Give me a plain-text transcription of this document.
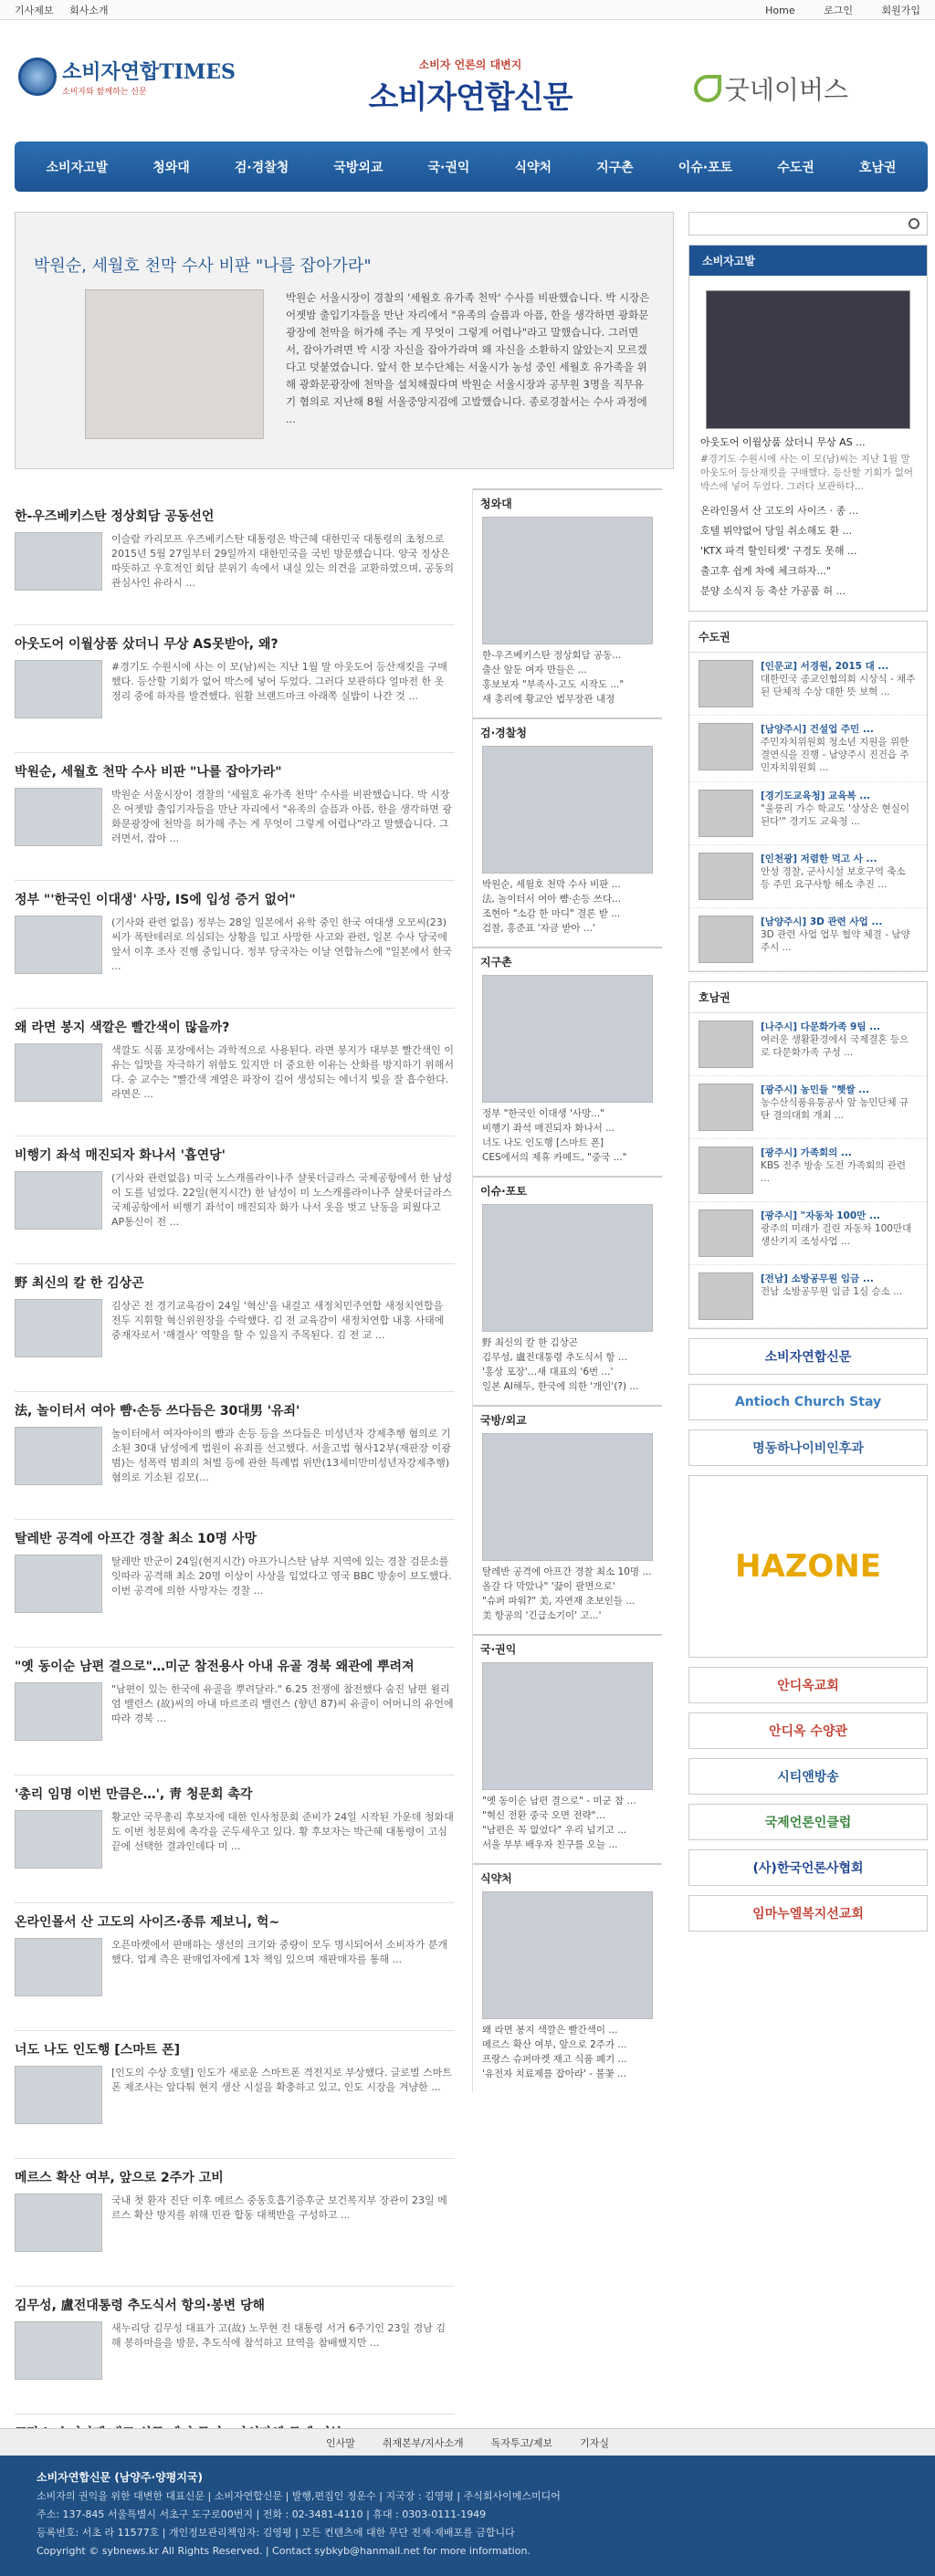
기사제보 회사소개	Home	로그인	회원가입
소비자연합TIMES
소비자와 함께하는 신문
소비자 언론의 대변지
소비자연합신문	굿네이버스
소비자고발	청와대	검·경찰청	국방외교	국·권익	식약처	지구촌	이슈·포토	수도권	호남권
박원순, 세월호 천막 수사 비판 "나를 잡아가라"
박원순 서울시장이 경찰의 '세월호 유가족 천막' 수사를 비판했습니다. 박 시장은 어젯밤 출입기자들을 만난 자리에서 "유족의 슬픔과 아픔, 한을 생각하면 광화문광장에 천막을 허가해 주는 게 무엇이 그렇게 어렵나"라고 말했습니다. 그러면서, 잡아가려면 박 시장 자신을 잡아가라며 왜 자신을 소환하지 않았는지 모르겠다고 덧붙였습니다. 앞서 한 보수단체는 서울시가 농성 중인 세월호 유가족을 위해 광화문광장에 천막을 설치해줬다며 박원순 서울시장과 공무원 3명을 직무유기 혐의로 지난해 8월 서울중앙지검에 고발했습니다. 종로경찰서는 수사 과정에 ...
한-우즈베키스탄 정상회담 공동선언

이슬람 카리모프 우즈베키스탄 대통령은 박근혜 대한민국 대통령의 초청으로 2015년 5월 27일부터 29일까지 대한민국을 국빈 방문했습니다. 양국 정상은 따뜻하고 우호적인 회담 분위기 속에서 내실 있는 의견을 교환하였으며, 공동의 관심사인 유라시 ...

아웃도어 이월상품 샀더니 무상 AS못받아, 왜?

#경기도 수원시에 사는 이 모(남)씨는 지난 1월 말 아웃도어 등산재킷을 구매했다. 등산할 기회가 없어 박스에 넣어 두었다. 그러다 보관하다 얼마전 한 옷 정리 중에 하자를 발견했다. 원활 브랜드마크 아래쪽 실밥이 나간 것 ...

박원순, 세월호 천막 수사 비판 "나를 잡아가라"

박원순 서울시장이 경찰의 '세월호 유가족 천막' 수사를 비판했습니다. 박 시장은 어젯밤 출입기자들을 만난 자리에서 "유족의 슬픔과 아픔, 한을 생각하면 광화문광장에 천막을 허가해 주는 게 무엇이 그렇게 어렵나"라고 말했습니다. 그러면서, 잡아 ...

정부 "'한국인 이대생' 사망, IS에 입성 증거 없어"

(기사와 관련 없음) 정부는 28일 일본에서 유학 중인 한국 여대생 오모씨(23)씨가 폭탄테러로 의심되는 상황을 입고 사망한 사고와 관련, 일본 수사 당국에 앞서 이후 조사 진행 중입니다. 정부 당국자는 이날 연합뉴스에 "일본에서 한국 ...

왜 라면 봉지 색깔은 빨간색이 많을까?

색깔도 식품 포장에서는 과학적으로 사용된다. 라면 봉지가 대부분 빨간색인 이유는 입맛을 자극하기 위함도 있지만 더 중요한 이유는 산화를 방지하기 위해서다. 숭 교수는 "빨간색 계열은 파장이 길어 생성되는 에너지 빛을 잘 흡수한다. 라면은 ...

비행기 좌석 매진되자 화나서 '흡연당'

(기사와 관련없음) 미국 노스캐롤라이나주 샬롯더글라스 국제공항에서 한 남성이 도를 넘었다. 22일(현지시간) 한 남성이 미 노스캐롤라이나주 샬롯더글라스 국제공항에서 비행기 좌석이 매진되자 화가 나서 옷을 벗고 난동을 피웠다고 AP통신이 전 ...

野 최신의 칼 한 김상곤

김상곤 전 경기교육감이 24일 '혁신'을 내걸고 새정치민주연합 새정치연합을 전두 지휘할 혁신위원장을 수락했다. 김 전 교육감이 새정치연합 내홍 사태에 중재자로서 '해결사' 역할을 할 수 있을지 주목된다. 김 전 교 ...

法, 놀이터서 여아 뺨·손등 쓰다듬은 30대男 '유죄'

놀이터에서 여자아이의 뺨과 손등 등을 쓰다듬은 미성년자 강제추행 혐의로 기소된 30대 남성에게 법원이 유죄를 선고했다. 서울고법 형사12부(재판장 이광범)는 성폭력 범죄의 처벌 등에 관한 특례법 위반(13세미만미성년자강제추행) 혐의로 기소된 김모(...

탈레반 공격에 아프간 경찰 최소 10명 사망

탈레반 반군이 24일(현지시간) 아프가니스탄 남부 지역에 있는 경찰 검문소를 잇따라 공격해 최소 20명 이상이 사상을 입었다고 영국 BBC 방송이 보도했다. 이번 공격에 의한 사망자는 경찰 ...

"옛 동이순 남편 결으로"…미군 참전용사 아내 유골 경북 왜관에 뿌려져

"남편이 있는 한국에 유골을 뿌려달라." 6.25 전쟁에 참전했다 숨진 남편 윌리엄 밸런스 (故)씨의 아내 마르조리 밸런스 (향년 87)씨 유골이 어머니의 유언에 따라 경북 ...

'총리 임명 이번 만큼은…', 靑 청문회 촉각

황교안 국무총리 후보자에 대한 인사청문회 준비가 24일 시작된 가운데 청와대도 이번 청문회에 촉각을 곤두세우고 있다. 황 후보자는 박근혜 대통령이 고심 끝에 선택한 결과인데다 미 ...

온라인몰서 산 고도의 사이즈·종류 제보니, 헉~

오픈마켓에서 판매하는 생선의 크기와 중량이 모두 명시되어서 소비자가 분개했다. 업계 측은 판매업자에게 1차 책임 있으며 재판매자를 통해 ...

너도 나도 인도행 [스마트 폰]

[인도의 수상 호텔] 인도가 새로운 스마트폰 격전지로 부상했다. 글로벌 스마트폰 제조사는 앞다퉈 현지 생산 시설을 확충하고 있고, 인도 시장을 겨냥한 ...

메르스 확산 여부, 앞으로 2주가 고비

국내 첫 환자 진단 이후 메르스 중동호흡기증후군 보건복지부 장관이 23일 메르스 확산 방지를 위해 민관 합동 대책반을 구성하고 ...

김무성, 盧전대통령 추도식서 항의·봉변 당해

새누리당 김무성 대표가 고(故) 노무현 전 대통령 서거 6주기인 23일 경남 김해 봉하마을을 방문, 추도식에 참석하고 묘역을 참배했지만 ...

청와대
한-우즈베키스탄 정상회담 공동...
출산 앞둔 여자 만들은 ...
홍보보자 "부족사-고도 시작도 ..."
새 총리에 황교안 법무장관 내정
검·경찰청
박원순, 세월호 천막 수사 비판 ...
法, 놀이터서 여아 뺨·손등 쓰다...
조현아 "소감 한 마디" 결론 받 ...
검찰, 홍준표 '자금 받아 ...'
지구촌
정부 "한국인 이대생 '사망..."
비행기 좌석 매진되자 화나서 ...
너도 나도 인도행 [스마트 폰]
CES에서의 제휴 카메드, "중국 ..."
이슈·포토
野 최신의 칼 한 김상곤
김무성, 盧전대통령 추도식서 항 ...
'홍상 포장'…새 대표의 '6번 ...'
일본 AI해두, 한국에 의한 '개인'(?) ...
국방/외교
탈레반 공격에 아프간 경찰 최소 10명 ...
올갈 다 막았나" '끓이 팔면으로'
"슈퍼 파워?" 美, 자연재 초보인들 ...
美 항공의 '긴급소기이' 고...'
국·권익
"옛 동이순 남편 결으로" - 미군 참 ...
"혁신 전환 중국 오면 전략"…
"남편은 꼭 없었다" 우리 넘기고 ...
서울 부부 배우자 친구를 오늘 ...
식약처
왜 라면 봉지 색깔은 빨간색이 ...
메르스 확산 여부, 앞으로 2주가 ...
프랑스 슈퍼마켓 재고 식품 폐기 ...
'유전자 치료제를 잡아라' - 불꽃 ...
소비자고발
아웃도어 이월상품 샀더니 무상 AS ...
#경기도 수원시에 사는 이 모(남)씨는 지난 1월 말 아웃도어 등산재킷을 구매했다. 등산할 기회가 없어 박스에 넣어 두었다. 그러다 보관하다...
온라인몰서 산 고도의 사이즈 · 종 ...
호텔 뷔약없어 당일 취소해도 환 ...
'KTX 파격 할인티켓' 구경도 못해 ...
출고후 쉽게 차에 체크하자..."
분양 소식지 등 축산 가공품 허 ...
수도권
[인문교] 서경원, 2015 대 ...
대한민국 종교인협의회 시상식 - 채주 된 단체적 수상 대한 뜻 보혁 ...
[남양주시] 건설업 주민 ...
주민자치위원회 청소년 지원을 위한 결연식을 진행 - 남양주시 진건읍 주민자치위원회 ...
[경기도교육청] 교육복 ...
"울릉리 가수 학교도 '상상은 현실이 된다'" 경기도 교육청 ...
[인천광] 저렴한 먹고 사 ...
안성 경찰, 군사시설 보호구역 축소 등 주민 요구사항 해소 추진 ...
[남양주시] 3D 관련 사업 ...
3D 관련 사업 업무 협약 체결 - 남양주시 ...
호남권
[나주시] 다문화가족 9팀 ...
여러운 생활환경에서 국제결혼 등으로 다문화가족 구성 ...
[광주시] 농민들 "햇쌀 ...
농수산식품유통공사 앞 농민단체 규탄 결의대회 개최 ...
[광주시] 가족회의 ...
KBS 전주 방송 도전 가족회의 관련 ...
[광주시] "자동차 100만 ...
광주의 미래가 걸린 자동차 100만대 생산기지 조성사업 ...
[전남] 소방공무원 임금 ...
전남 소방공무원 임금 1심 승소 ...
소비자연합신문
Antioch Church Stay
명동하나이비인후과
HAZONE
안디옥교회
안디옥 수양관
시티앤방송
국제언론인클럽
(사)한국언론사협회
임마누엘복지선교회
인사말	취재본부/지사소개	독자투고/제보	기자실
소비자연합신문 (남양주·양평지국)
소비자의 권익을 위한 대변한 대표신문 | 소비자연합신문 | 발행,편집인 정운수 | 지국장 : 김영평 | 주식회사이메스미디어
주소: 137-845 서울특별시 서초구 도구로00번지 | 전화 : 02-3481-4110 | 휴대 : 0303-0111-1949
등록번호: 서초 라 11577호 | 개인정보관리책임자: 김영평 | 모든 컨텐츠에 대한 무단 전재·재배포를 금합니다
Copyright © sybnews.kr All Rights Reserved. | Contact sybkyb@hanmail.net for more information.
